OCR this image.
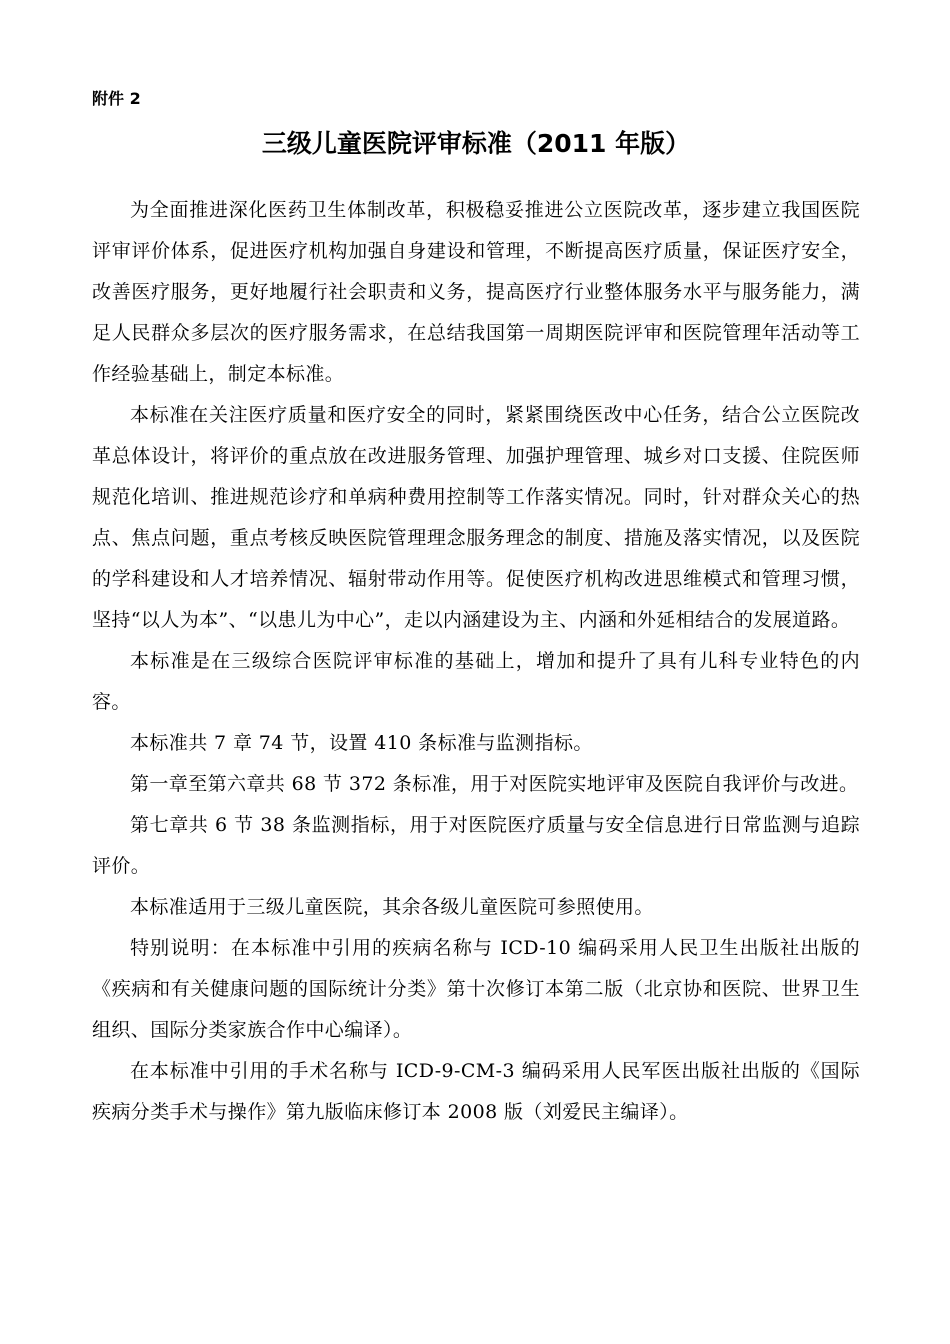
附件 2
三级儿童医院评审标准（2011 年版）

为全面推进深化医药卫生体制改革，积极稳妥推进公立医院改革，逐步建立我国医院评审评价体系，促进医疗机构加强自身建设和管理，不断提高医疗质量，保证医疗安全，改善医疗服务，更好地履行社会职责和义务，提高医疗行业整体服务水平与服务能力，满足人民群众多层次的医疗服务需求，在总结我国第一周期医院评审和医院管理年活动等工作经验基础上，制定本标准。

本标准在关注医疗质量和医疗安全的同时，紧紧围绕医改中心任务，结合公立医院改革总体设计，将评价的重点放在改进服务管理、加强护理管理、城乡对口支援、住院医师规范化培训、推进规范诊疗和单病种费用控制等工作落实情况。同时，针对群众关心的热点、焦点问题，重点考核反映医院管理理念服务理念的制度、措施及落实情况，以及医院的学科建设和人才培养情况、辐射带动作用等。促使医疗机构改进思维模式和管理习惯，坚持“以人为本”、“以患儿为中心”，走以内涵建设为主、内涵和外延相结合的发展道路。

本标准是在三级综合医院评审标准的基础上，增加和提升了具有儿科专业特色的内容。

本标准共 7 章 74 节，设置 410 条标准与监测指标。

第一章至第六章共 68 节 372 条标准，用于对医院实地评审及医院自我评价与改进。

第七章共 6 节 38 条监测指标，用于对医院医疗质量与安全信息进行日常监测与追踪评价。

本标准适用于三级儿童医院，其余各级儿童医院可参照使用。

特别说明：在本标准中引用的疾病名称与 ICD-10 编码采用人民卫生出版社出版的《疾病和有关健康问题的国际统计分类》第十次修订本第二版（北京协和医院、世界卫生组织、国际分类家族合作中心编译）。

在本标准中引用的手术名称与 ICD-9-CM-3 编码采用人民军医出版社出版的《国际疾病分类手术与操作》第九版临床修订本 2008 版（刘爱民主编译）。
